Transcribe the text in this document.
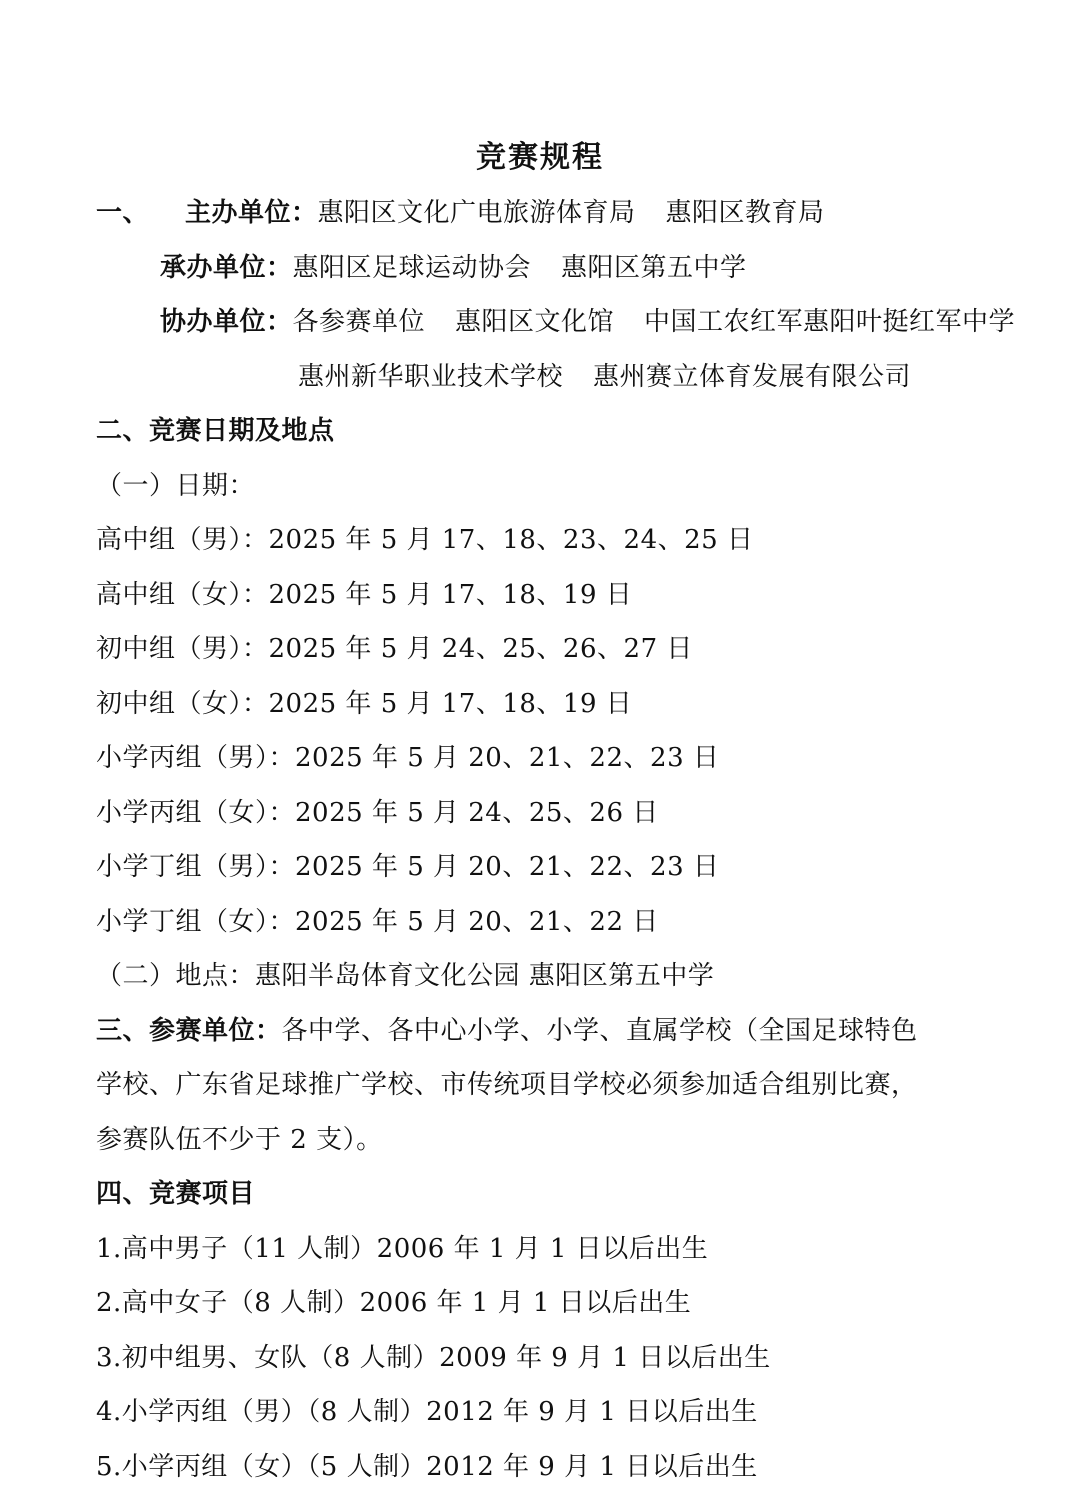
竞赛规程
一、 主办单位：惠阳区文化广电旅游体育局 惠阳区教育局
承办单位：惠阳区足球运动协会 惠阳区第五中学
协办单位：各参赛单位 惠阳区文化馆 中国工农红军惠阳叶挺红军中学
惠州新华职业技术学校 惠州赛立体育发展有限公司
二、竞赛日期及地点
（一）日期：
高中组（男）：2025 年 5 月 17、18、23、24、25 日
高中组（女）：2025 年 5 月 17、18、19 日
初中组（男）：2025 年 5 月 24、25、26、27 日
初中组（女）：2025 年 5 月 17、18、19 日
小学丙组（男）：2025 年 5 月 20、21、22、23 日
小学丙组（女）：2025 年 5 月 24、25、26 日
小学丁组（男）：2025 年 5 月 20、21、22、23 日
小学丁组（女）：2025 年 5 月 20、21、22 日
（二）地点：惠阳半岛体育文化公园 惠阳区第五中学
三、参赛单位：各中学、各中心小学、小学、直属学校（全国足球特色
学校、广东省足球推广学校、市传统项目学校必须参加适合组别比赛，
参赛队伍不少于 2 支）。
四、竞赛项目
1.高中男子（11 人制）2006 年 1 月 1 日以后出生
2.高中女子（8 人制）2006 年 1 月 1 日以后出生
3.初中组男、女队（8 人制）2009 年 9 月 1 日以后出生
4.小学丙组（男）（8 人制）2012 年 9 月 1 日以后出生
5.小学丙组（女）（5 人制）2012 年 9 月 1 日以后出生
